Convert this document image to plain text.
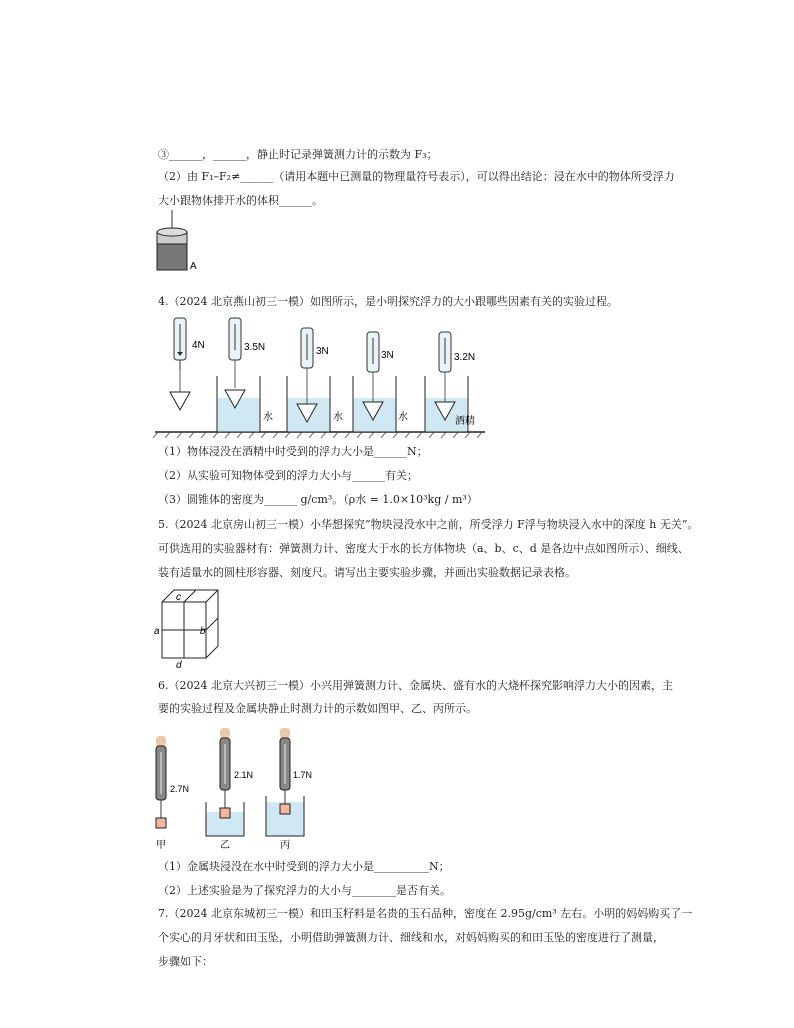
③______，______，静止时记录弹簧测力计的示数为 F₃；
（2）由 F₁–F₂≠______（请用本题中已测量的物理量符号表示），可以得出结论：浸在水中的物体所受浮力
大小跟物体排开水的体积______。
A
4.（2024 北京燕山初三一模）如图所示，是小明探究浮力的大小跟哪些因素有关的实验过程。
4N	3.5N
水
3N
水
3N
水
3.2N
酒精
（1）物体浸没在酒精中时受到的浮力大小是______N；
（2）从实验可知物体受到的浮力大小与______有关；
（3）圆锥体的密度为______ g/cm³。（ρ水 = 1.0×10³kg / m³）
5.（2024 北京房山初三一模）小华想探究“物块浸没水中之前，所受浮力 F浮与物块浸入水中的深度 h 无关”。
可供选用的实验器材有：弹簧测力计、密度大于水的长方体物块（a、b、c、d 是各边中点如图所示）、细线、
装有适量水的圆柱形容器、刻度尺。请写出主要实验步骤，并画出实验数据记录表格。
c
a	b
d
6.（2024 北京大兴初三一模）小兴用弹簧测力计、金属块、盛有水的大烧杯探究影响浮力大小的因素，主
要的实验过程及金属块静止时测力计的示数如图甲、乙、丙所示。
2.7N
甲
2.1N
乙
1.7N
丙
（1）金属块浸没在水中时受到的浮力大小是__________N；
（2）上述实验是为了探究浮力的大小与________是否有关。
7.（2024 北京东城初三一模）和田玉籽料是名贵的玉石品种，密度在 2.95g/cm³ 左右。小明的妈妈购买了一
个实心的月牙状和田玉坠，小明借助弹簧测力计、细线和水，对妈妈购买的和田玉坠的密度进行了测量，
步骤如下：
